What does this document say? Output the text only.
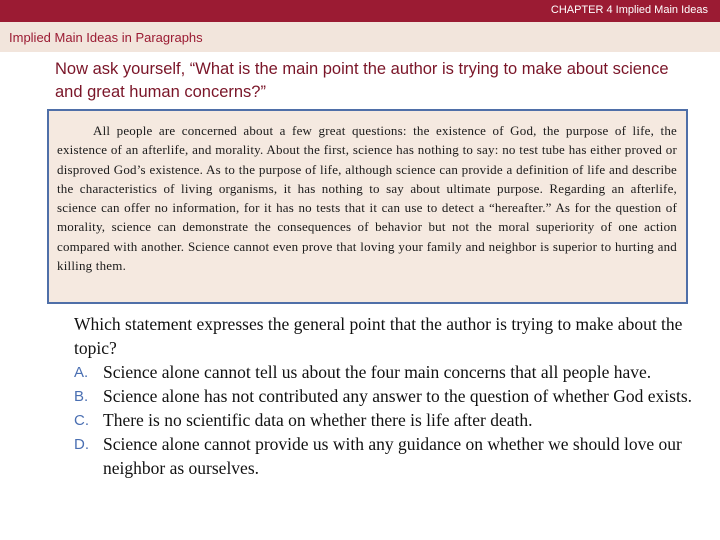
CHAPTER 4 Implied Main Ideas
Implied Main Ideas in Paragraphs
Now ask yourself, “What is the main point the author is trying to make about science and great human concerns?”

All people are concerned about a few great questions: the existence of God, the purpose of life, the existence of an afterlife, and morality. About the first, science has nothing to say: no test tube has either proved or disproved God’s existence. As to the purpose of life, although science can provide a definition of life and describe the characteristics of living organisms, it has nothing to say about ultimate purpose. Regarding an afterlife, science can offer no information, for it has no tests that it can use to detect a “hereafter.” As for the question of morality, science can demonstrate the consequences of behavior but not the moral superiority of one action compared with another. Science cannot even prove that loving your family and neighbor is superior to hurting and killing them.

Which statement expresses the general point that the author is trying to make about the topic?
A. Science alone cannot tell us about the four main concerns that all people have.
B. Science alone has not contributed any answer to the question of whether God exists.
C. There is no scientific data on whether there is life after death.
D. Science alone cannot provide us with any guidance on whether we should love our neighbor as ourselves.
